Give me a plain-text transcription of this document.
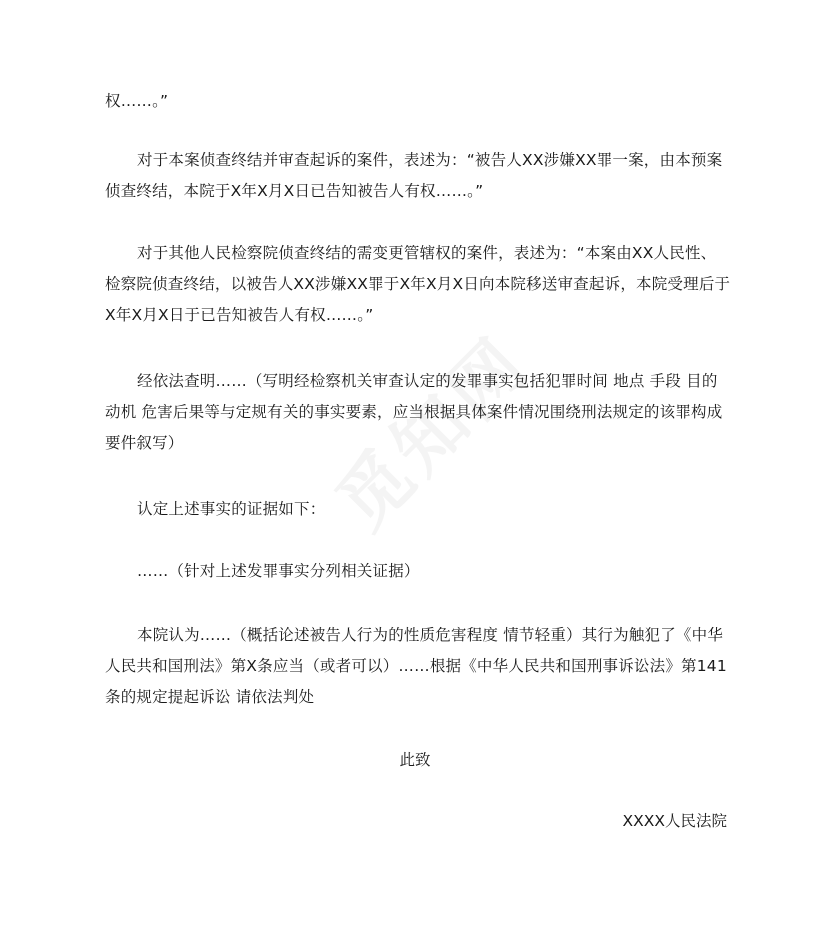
权……。”
对于本案侦查终结并审查起诉的案件，表述为：“被告人XX涉嫌XX罪一案，由本预案
侦查终结，本院于X年X月X日已告知被告人有权……。”
对于其他人民检察院侦查终结的需变更管辖权的案件，表述为：“本案由XX人民性、
检察院侦查终结，以被告人XX涉嫌XX罪于X年X月X日向本院移送审查起诉，本院受理后于
X年X月X日于已告知被告人有权……。”
经依法查明……（写明经检察机关审查认定的发罪事实包括犯罪时间 地点 手段 目的
动机 危害后果等与定规有关的事实要素，应当根据具体案件情况围绕刑法规定的该罪构成
要件叙写）
认定上述事实的证据如下：
……（针对上述发罪事实分列相关证据）
本院认为……（概括论述被告人行为的性质危害程度 情节轻重）其行为触犯了《中华
人民共和国刑法》第X条应当（或者可以）……根据《中华人民共和国刑事诉讼法》第141
条的规定提起诉讼 请依法判处
此致
XXXX人民法院
